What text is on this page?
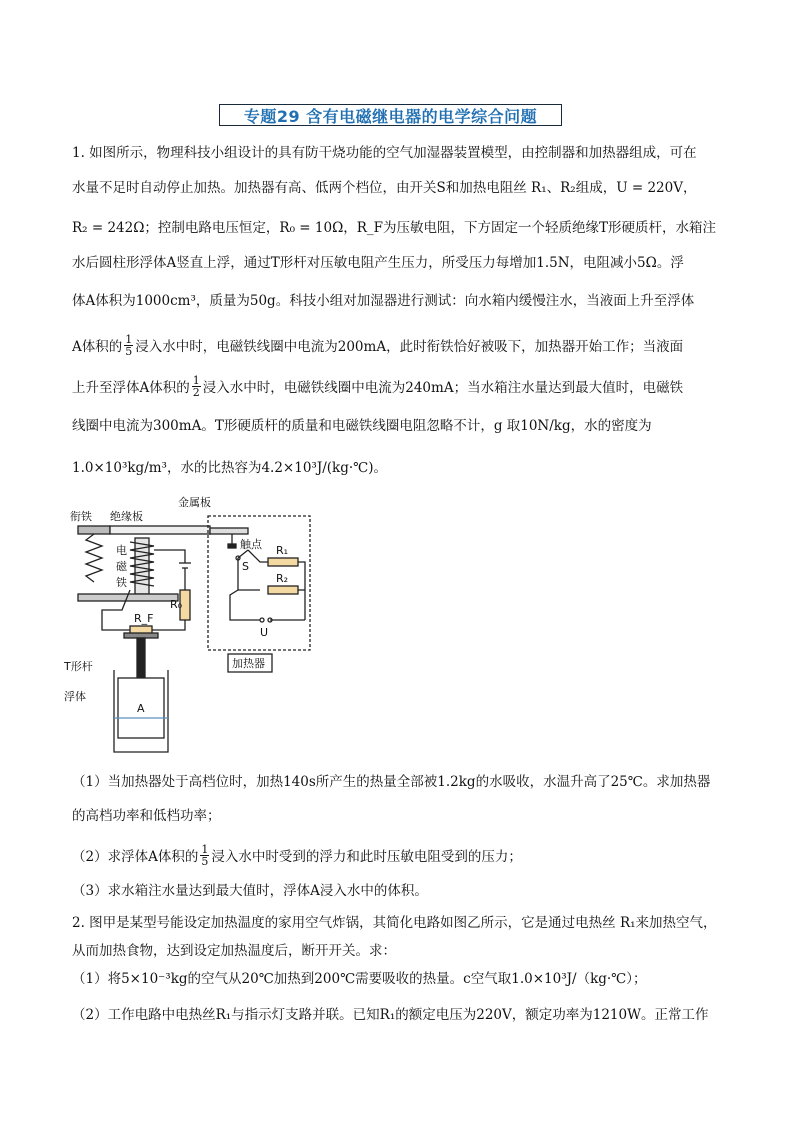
专题29 含有电磁继电器的电学综合问题
1. 如图所示，物理科技小组设计的具有防干烧功能的空气加湿器装置模型，由控制器和加热器组成，可在
水量不足时自动停止加热。加热器有高、低两个档位，由开关S和加热电阻丝 R₁、R₂组成，U = 220V，
R₂ = 242Ω；控制电路电压恒定，R₀ = 10Ω，R_F为压敏电阻，下方固定一个轻质绝缘T形硬质杆，水箱注
水后圆柱形浮体A竖直上浮，通过T形杆对压敏电阻产生压力，所受压力每增加1.5N，电阻减小5Ω。浮
体A体积为1000cm³，质量为50g。科技小组对加湿器进行测试：向水箱内缓慢注水，当液面上升至浮体
A体积的 $\frac{1}{5}$ 浸入水中时，电磁铁线圈中电流为200mA，此时衔铁恰好被吸下，加热器开始工作；当液面
上升至浮体A体积的 $\frac{1}{2}$ 浸入水中时，电磁铁线圈中电流为240mA；当水箱注水量达到最大值时，电磁铁
线圈中电流为300mA。T形硬质杆的质量和电磁铁线圈电阻忽略不计，g 取10N/kg，水的密度为
1.0×10³kg/m³，水的比热容为4.2×10³J/(kg·℃)。
衔铁 绝缘板
金属板
触点
电
磁
铁
R₀
R_F
R₁
R₂
S
U
T形杆
浮体
A
加热器
（1）当加热器处于高档位时，加热140s所产生的热量全部被1.2kg的水吸收，水温升高了25℃。求加热器
的高档功率和低档功率；
（2）求浮体A体积的 $\frac{1}{5}$ 浸入水中时受到的浮力和此时压敏电阻受到的压力；
（3）求水箱注水量达到最大值时，浮体A浸入水中的体积。
2. 图甲是某型号能设定加热温度的家用空气炸锅，其简化电路如图乙所示，它是通过电热丝 R₁来加热空气，
从而加热食物，达到设定加热温度后，断开开关。求：
（1）将5×10⁻³kg的空气从20℃加热到200℃需要吸收的热量。c空气取1.0×10³J/（kg·℃）；
（2）工作电路中电热丝R₁与指示灯支路并联。已知R₁的额定电压为220V，额定功率为1210W。正常工作
